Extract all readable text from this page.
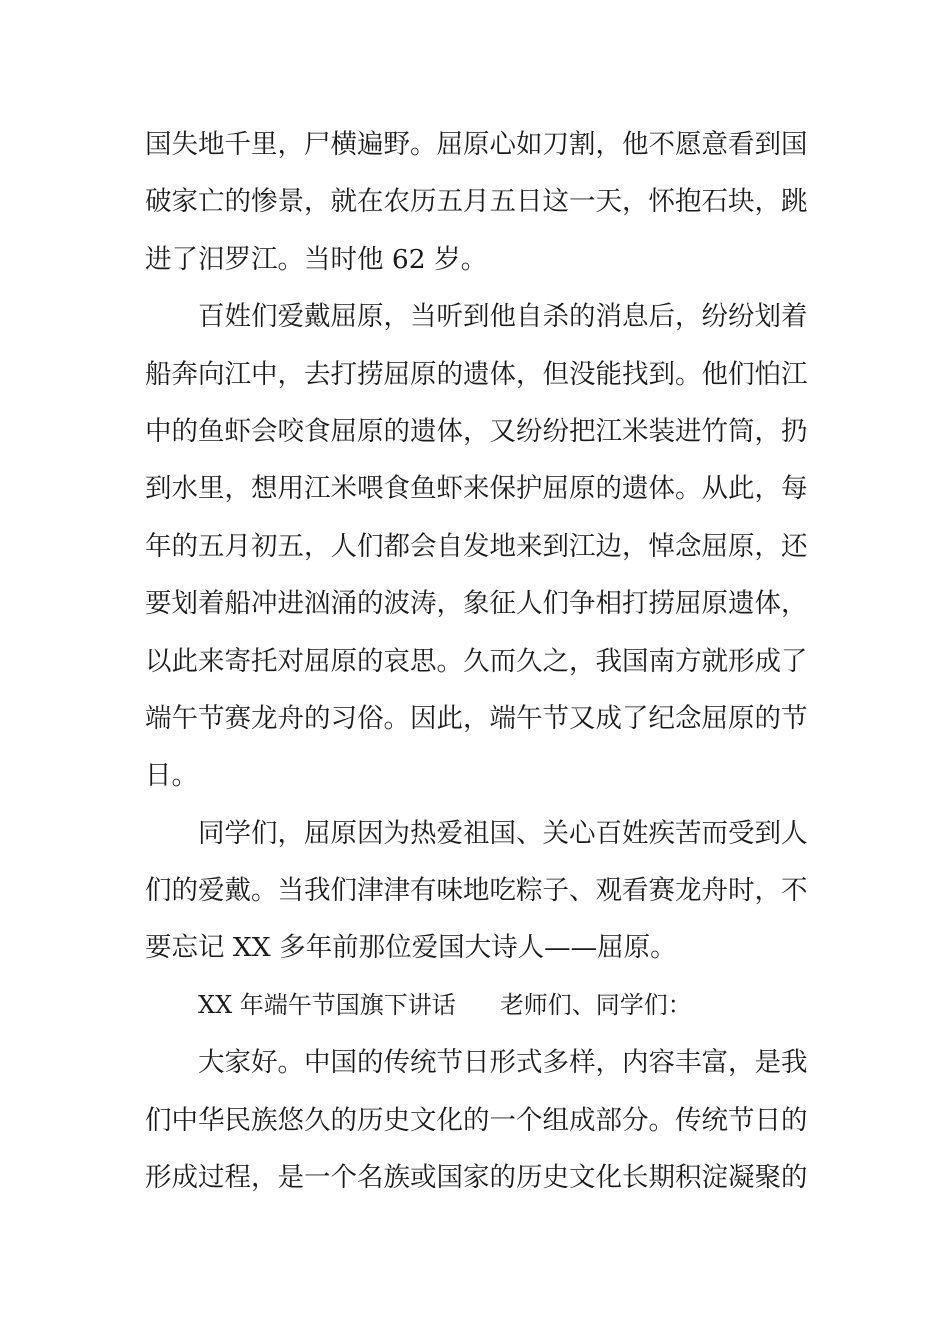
国失地千里，尸横遍野。屈原心如刀割，他不愿意看到国
破家亡的惨景，就在农历五月五日这一天，怀抱石块，跳
进了汨罗江。当时他 62 岁。
百姓们爱戴屈原，当听到他自杀的消息后，纷纷划着
船奔向江中，去打捞屈原的遗体，但没能找到。他们怕江
中的鱼虾会咬食屈原的遗体，又纷纷把江米装进竹筒，扔
到水里，想用江米喂食鱼虾来保护屈原的遗体。从此，每
年的五月初五，人们都会自发地来到江边，悼念屈原，还
要划着船冲进汹涌的波涛，象征人们争相打捞屈原遗体，
以此来寄托对屈原的哀思。久而久之，我国南方就形成了
端午节赛龙舟的习俗。因此，端午节又成了纪念屈原的节
日。
同学们，屈原因为热爱祖国、关心百姓疾苦而受到人
们的爱戴。当我们津津有味地吃粽子、观看赛龙舟时，不
要忘记 XX 多年前那位爱国大诗人——屈原。
XX 年端午节国旗下讲话 老师们、同学们：
大家好。中国的传统节日形式多样，内容丰富，是我
们中华民族悠久的历史文化的一个组成部分。传统节日的
形成过程，是一个名族或国家的历史文化长期积淀凝聚的
